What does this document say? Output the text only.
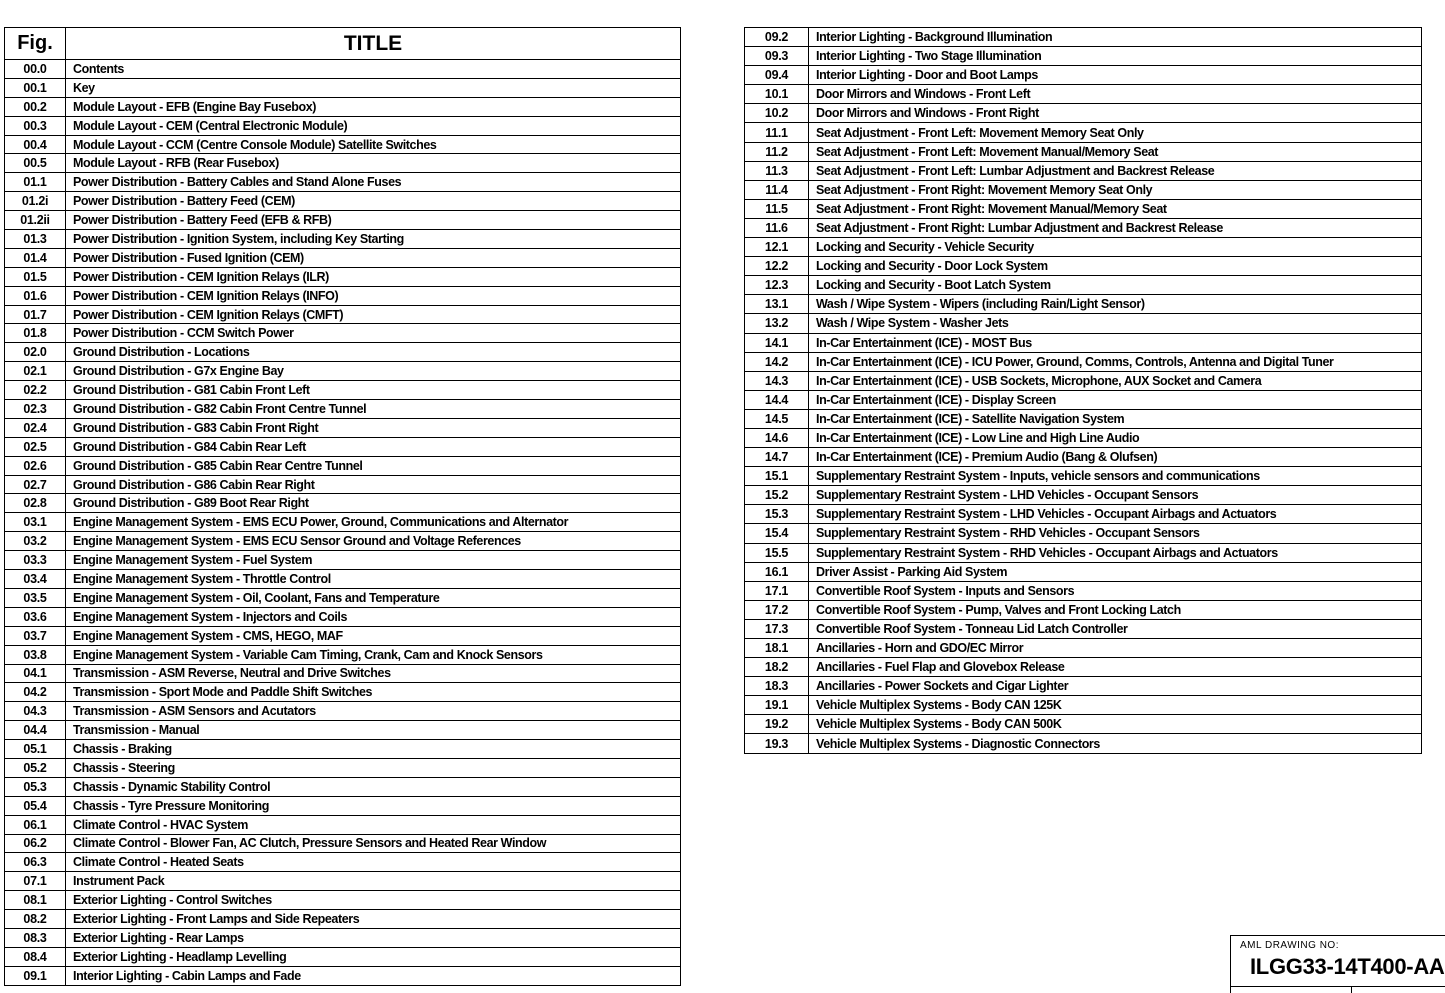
Fig.	TITLE
00.0	Contents
00.1	Key
00.2	Module Layout - EFB (Engine Bay Fusebox)
00.3	Module Layout - CEM (Central Electronic Module)
00.4	Module Layout - CCM (Centre Console Module) Satellite Switches
00.5	Module Layout - RFB (Rear Fusebox)
01.1	Power Distribution - Battery Cables and Stand Alone Fuses
01.2i	Power Distribution - Battery Feed (CEM)
01.2ii	Power Distribution - Battery Feed (EFB & RFB)
01.3	Power Distribution - Ignition System, including Key Starting
01.4	Power Distribution - Fused Ignition (CEM)
01.5	Power Distribution - CEM Ignition Relays (ILR)
01.6	Power Distribution - CEM Ignition Relays (INFO)
01.7	Power Distribution - CEM Ignition Relays (CMFT)
01.8	Power Distribution - CCM Switch Power
02.0	Ground Distribution - Locations
02.1	Ground Distribution - G7x Engine Bay
02.2	Ground Distribution - G81 Cabin Front Left
02.3	Ground Distribution - G82 Cabin Front Centre Tunnel
02.4	Ground Distribution - G83 Cabin Front Right
02.5	Ground Distribution - G84 Cabin Rear Left
02.6	Ground Distribution - G85 Cabin Rear Centre Tunnel
02.7	Ground Distribution - G86 Cabin Rear Right
02.8	Ground Distribution - G89 Boot Rear Right
03.1	Engine Management System - EMS ECU Power, Ground, Communications and Alternator
03.2	Engine Management System - EMS ECU Sensor Ground and Voltage References
03.3	Engine Management System - Fuel System
03.4	Engine Management System - Throttle Control
03.5	Engine Management System - Oil, Coolant, Fans and Temperature
03.6	Engine Management System - Injectors and Coils
03.7	Engine Management System - CMS, HEGO, MAF
03.8	Engine Management System - Variable Cam Timing, Crank, Cam and Knock Sensors
04.1	Transmission - ASM Reverse, Neutral and Drive Switches
04.2	Transmission - Sport Mode and Paddle Shift Switches
04.3	Transmission - ASM Sensors and Acutators
04.4	Transmission - Manual
05.1	Chassis - Braking
05.2	Chassis - Steering
05.3	Chassis - Dynamic Stability Control
05.4	Chassis - Tyre Pressure Monitoring
06.1	Climate Control - HVAC System
06.2	Climate Control - Blower Fan, AC Clutch, Pressure Sensors and Heated Rear Window
06.3	Climate Control - Heated Seats
07.1	Instrument Pack
08.1	Exterior Lighting - Control Switches
08.2	Exterior Lighting - Front Lamps and Side Repeaters
08.3	Exterior Lighting - Rear Lamps
08.4	Exterior Lighting - Headlamp Levelling
09.1	Interior Lighting - Cabin Lamps and Fade
09.2	Interior Lighting - Background Illumination
09.3	Interior Lighting - Two Stage Illumination
09.4	Interior Lighting - Door and Boot Lamps
10.1	Door Mirrors and Windows - Front Left
10.2	Door Mirrors and Windows - Front Right
11.1	Seat Adjustment - Front Left: Movement Memory Seat Only
11.2	Seat Adjustment - Front Left: Movement Manual/Memory Seat
11.3	Seat Adjustment - Front Left: Lumbar Adjustment and Backrest Release
11.4	Seat Adjustment - Front Right: Movement Memory Seat Only
11.5	Seat Adjustment - Front Right: Movement Manual/Memory Seat
11.6	Seat Adjustment - Front Right: Lumbar Adjustment and Backrest Release
12.1	Locking and Security - Vehicle Security
12.2	Locking and Security - Door Lock System
12.3	Locking and Security - Boot Latch System
13.1	Wash / Wipe System - Wipers (including Rain/Light Sensor)
13.2	Wash / Wipe System - Washer Jets
14.1	In-Car Entertainment (ICE) - MOST Bus
14.2	In-Car Entertainment (ICE) - ICU Power, Ground, Comms, Controls, Antenna and Digital Tuner
14.3	In-Car Entertainment (ICE) - USB Sockets, Microphone, AUX Socket and Camera
14.4	In-Car Entertainment (ICE) - Display Screen
14.5	In-Car Entertainment (ICE) - Satellite Navigation System
14.6	In-Car Entertainment (ICE) - Low Line and High Line Audio
14.7	In-Car Entertainment (ICE) - Premium Audio (Bang & Olufsen)
15.1	Supplementary Restraint System - Inputs, vehicle sensors and communications
15.2	Supplementary Restraint System - LHD Vehicles - Occupant Sensors
15.3	Supplementary Restraint System - LHD Vehicles - Occupant Airbags and Actuators
15.4	Supplementary Restraint System - RHD Vehicles - Occupant Sensors
15.5	Supplementary Restraint System - RHD Vehicles - Occupant Airbags and Actuators
16.1	Driver Assist - Parking Aid System
17.1	Convertible Roof System - Inputs and Sensors
17.2	Convertible Roof System - Pump, Valves and Front Locking Latch
17.3	Convertible Roof System - Tonneau Lid Latch Controller
18.1	Ancillaries - Horn and GDO/EC Mirror
18.2	Ancillaries - Fuel Flap and Glovebox Release
18.3	Ancillaries - Power Sockets and Cigar Lighter
19.1	Vehicle Multiplex Systems - Body CAN 125K
19.2	Vehicle Multiplex Systems - Body CAN 500K
19.3	Vehicle Multiplex Systems - Diagnostic Connectors
AML DRAWING NO:
ILGG33-14T400-AA
